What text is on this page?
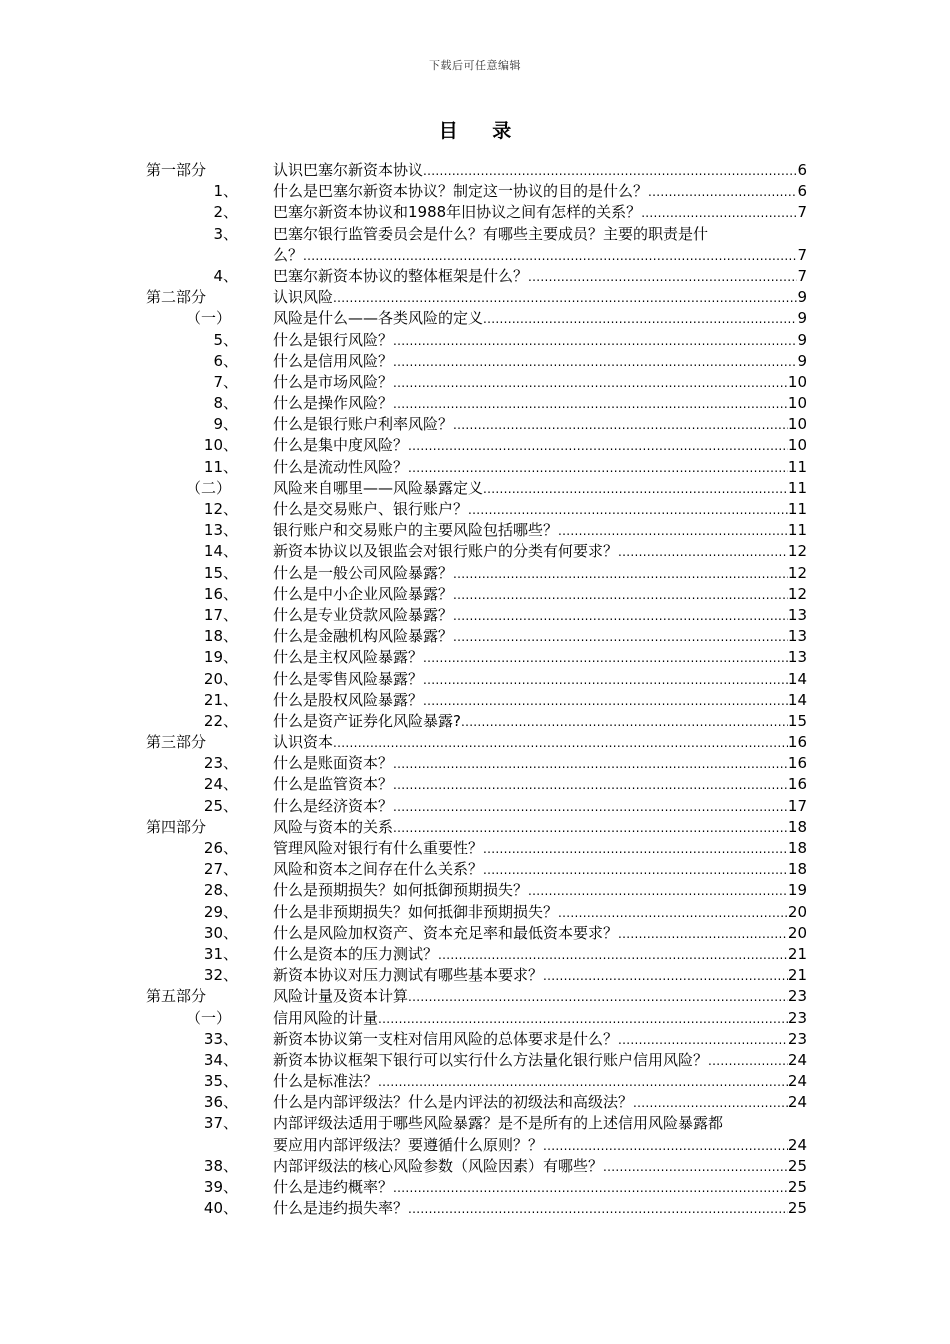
下载后可任意编辑
目 录
第一部分	认识巴塞尔新资本协议 .....	6
1、 什么是巴塞尔新资本协议？制定这一协议的目的是什么？ .....	6
2、 巴塞尔新资本协议和1988年旧协议之间有怎样的关系？ .....	7
3、 巴塞尔银行监管委员会是什么？有哪些主要成员？主要的职责是什
么？ .....	7
4、 巴塞尔新资本协议的整体框架是什么？ .....	7
第二部分	认识风险 .....	9
（一）	风险是什么——各类风险的定义 .....	9
5、 什么是银行风险？ .....	9
6、 什么是信用风险？ .....	9
7、 什么是市场风险？ .....	10
8、 什么是操作风险？ .....	10
9、 什么是银行账户利率风险？ .....	10
10、 什么是集中度风险？ .....	10
11、 什么是流动性风险？ .....	11
（二）	风险来自哪里——风险暴露定义 .....	11
12、 什么是交易账户、银行账户？ .....	11
13、 银行账户和交易账户的主要风险包括哪些？ .....	11
14、 新资本协议以及银监会对银行账户的分类有何要求？ .....	12
15、 什么是一般公司风险暴露？ .....	12
16、 什么是中小企业风险暴露？ .....	12
17、 什么是专业贷款风险暴露？ .....	13
18、 什么是金融机构风险暴露？ .....	13
19、 什么是主权风险暴露？ .....	13
20、 什么是零售风险暴露？ .....	14
21、 什么是股权风险暴露？ .....	14
22、 什么是资产证券化风险暴露? .....	15
第三部分	认识资本 .....	16
23、 什么是账面资本？ .....	16
24、 什么是监管资本？ .....	16
25、 什么是经济资本？ .....	17
第四部分	风险与资本的关系 .....	18
26、 管理风险对银行有什么重要性？ .....	18
27、 风险和资本之间存在什么关系？ .....	18
28、 什么是预期损失？如何抵御预期损失？ .....	19
29、 什么是非预期损失？如何抵御非预期损失？ .....	20
30、 什么是风险加权资产、资本充足率和最低资本要求？ .....	20
31、 什么是资本的压力测试？ .....	21
32、 新资本协议对压力测试有哪些基本要求？ .....	21
第五部分	风险计量及资本计算 .....	23
（一）	信用风险的计量 .....	23
33、 新资本协议第一支柱对信用风险的总体要求是什么？ .....	23
34、 新资本协议框架下银行可以实行什么方法量化银行账户信用风险？ .....	24
35、 什么是标准法？ .....	24
36、 什么是内部评级法？什么是内评法的初级法和高级法？ .....	24
37、 内部评级法适用于哪些风险暴露？是不是所有的上述信用风险暴露都
要应用内部评级法？要遵循什么原则？？ .....	24
38、 内部评级法的核心风险参数（风险因素）有哪些？ .....	25
39、 什么是违约概率？ .....	25
40、 什么是违约损失率？ .....	25
